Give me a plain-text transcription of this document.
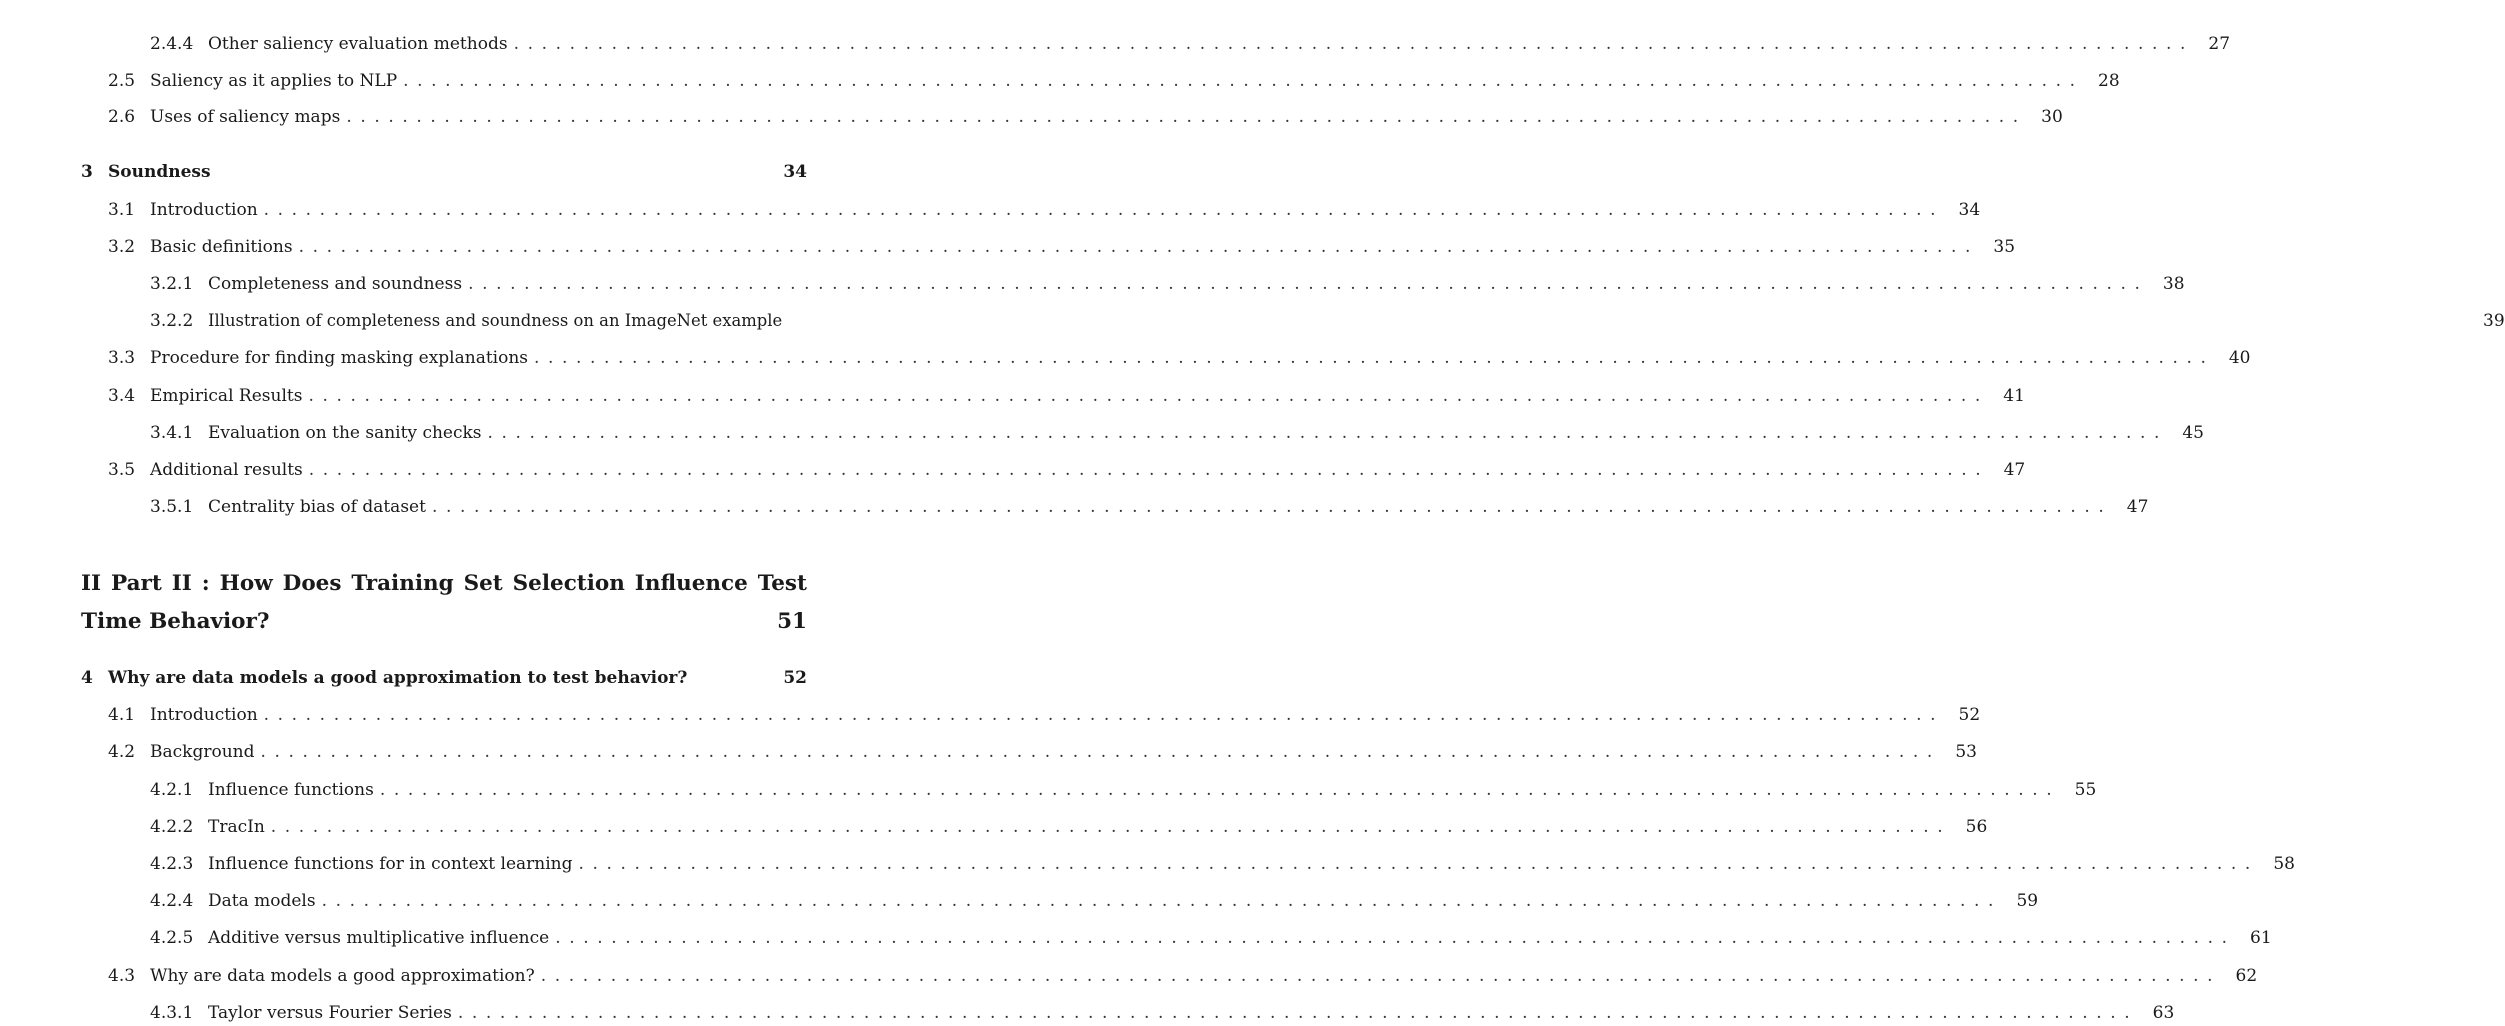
2.4.4 Other saliency evaluation methods ........................................................................................................................ 27
2.5 Saliency as it applies to NLP ........................................................................................................................ 28
2.6 Uses of saliency maps ........................................................................................................................ 30
3 Soundness	34
3.1 Introduction ........................................................................................................................ 34
3.2 Basic definitions ........................................................................................................................ 35
3.2.1 Completeness and soundness ........................................................................................................................ 38
3.2.2 Illustration of completeness and soundness on an ImageNet example	39
3.3 Procedure for finding masking explanations ........................................................................................................................ 40
3.4 Empirical Results ........................................................................................................................ 41
3.4.1 Evaluation on the sanity checks ........................................................................................................................ 45
3.5 Additional results ........................................................................................................................ 47
3.5.1 Centrality bias of dataset ........................................................................................................................ 47
II Part II : How Does Training Set Selection Influence Test
Time Behavior?	51
4 Why are data models a good approximation to test behavior?	52
4.1 Introduction ........................................................................................................................ 52
4.2 Background ........................................................................................................................ 53
4.2.1 Influence functions ........................................................................................................................ 55
4.2.2 TracIn ........................................................................................................................ 56
4.2.3 Influence functions for in context learning ........................................................................................................................ 58
4.2.4 Data models ........................................................................................................................ 59
4.2.5 Additive versus multiplicative influence ........................................................................................................................ 61
4.3 Why are data models a good approximation? ........................................................................................................................ 62
4.3.1 Taylor versus Fourier Series ........................................................................................................................ 63
